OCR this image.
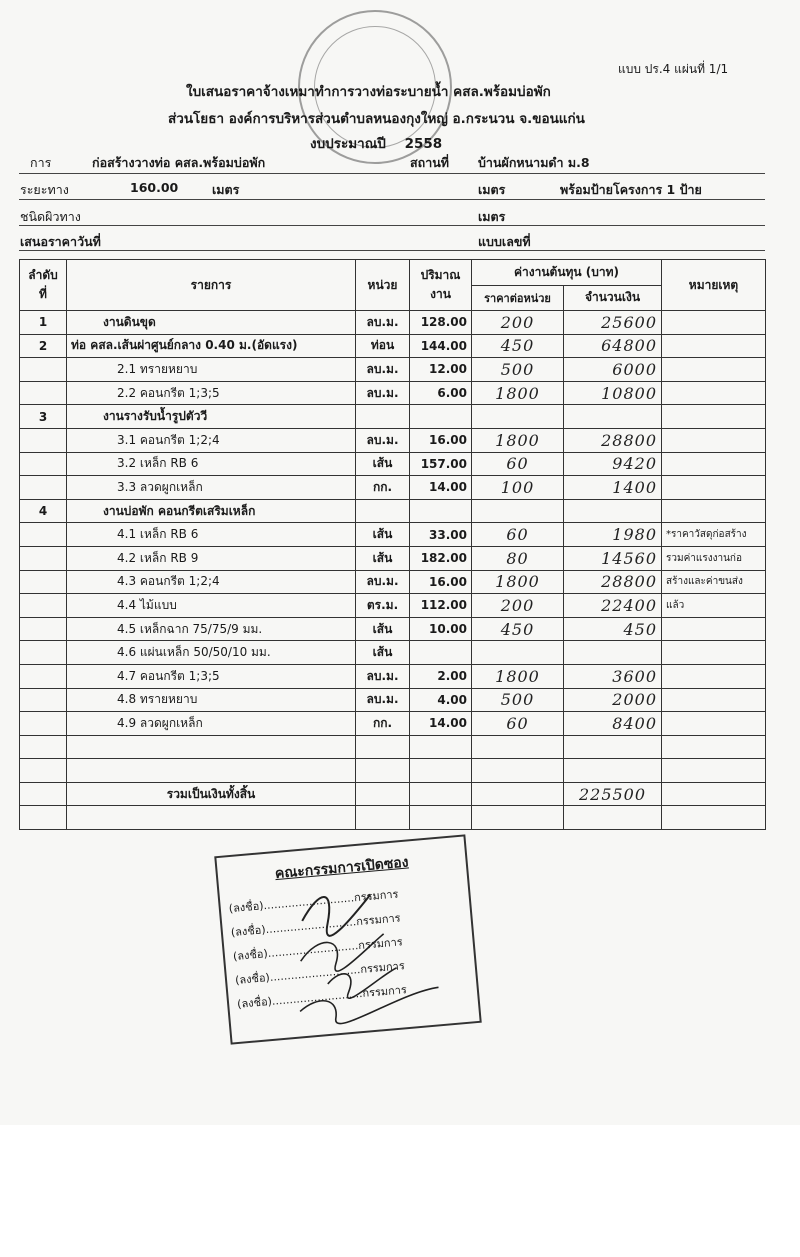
แบบ ปร.4 แผ่นที่ 1/1
ใบเสนอราคาจ้างเหมาทำการวางท่อระบายน้ำ คสล.พร้อมบ่อพัก
ส่วนโยธา องค์การบริหารส่วนตำบลหนองกุงใหญ่ อ.กระนวน จ.ขอนแก่น
งบประมาณปี 2558
การ	ก่อสร้างวางท่อ คสล.พร้อมบ่อพัก	สถานที่ บ้านผักหนามดำ ม.8
ระยะทาง	160.00	เมตร	เมตร	พร้อมป้ายโครงการ 1 ป้าย
ชนิดผิวทาง	เมตร
เสนอราคาวันที่	แบบเลขที่
ลำดับ ที่	รายการ	หน่วย	ปริมาณ งาน	ค่างานต้นทุน (บาท)		หมายเหตุ
				ราคาต่อหน่วย	จำนวนเงิน	
1	งานดินขุด	ลบ.ม.	128.00	200	25600	
2	ท่อ คสล.เส้นผ่าศูนย์กลาง 0.40 ม.(อัดแรง)	ท่อน	144.00	450	64800	
	2.1 ทรายหยาบ	ลบ.ม.	12.00	500	6000	
	2.2 คอนกรีต 1;3;5	ลบ.ม.	6.00	1800	10800	
3	งานรางรับน้ำรูปตัววี					
	3.1 คอนกรีต 1;2;4	ลบ.ม.	16.00	1800	28800	
	3.2 เหล็ก RB 6	เส้น	157.00	60	9420	
	3.3 ลวดผูกเหล็ก	กก.	14.00	100	1400	
4	งานบ่อพัก คอนกรีตเสริมเหล็ก					
	4.1 เหล็ก RB 6	เส้น	33.00	60	1980	*ราคาวัสดุก่อสร้าง
	4.2 เหล็ก RB 9	เส้น	182.00	80	14560	รวมค่าแรงงานก่อ
	4.3 คอนกรีต 1;2;4	ลบ.ม.	16.00	1800	28800	สร้างและค่าขนส่ง
	4.4 ไม้แบบ	ตร.ม.	112.00	200	22400	แล้ว
	4.5 เหล็กฉาก 75/75/9 มม.	เส้น	10.00	450	450	
	4.6 แผ่นเหล็ก 50/50/10 มม.	เส้น				
	4.7 คอนกรีต 1;3;5	ลบ.ม.	2.00	1800	3600	
	4.8 ทรายหยาบ	ลบ.ม.	4.00	500	2000	
	4.9 ลวดผูกเหล็ก	กก.	14.00	60	8400	

	รวมเป็นเงินทั้งสิ้น				225500	

คณะกรรมการเปิดซอง
(ลงชื่อ)..........................กรรมการ
(ลงชื่อ)..........................กรรมการ
(ลงชื่อ)..........................กรรมการ
(ลงชื่อ)..........................กรรมการ
(ลงชื่อ)..........................กรรมการ
